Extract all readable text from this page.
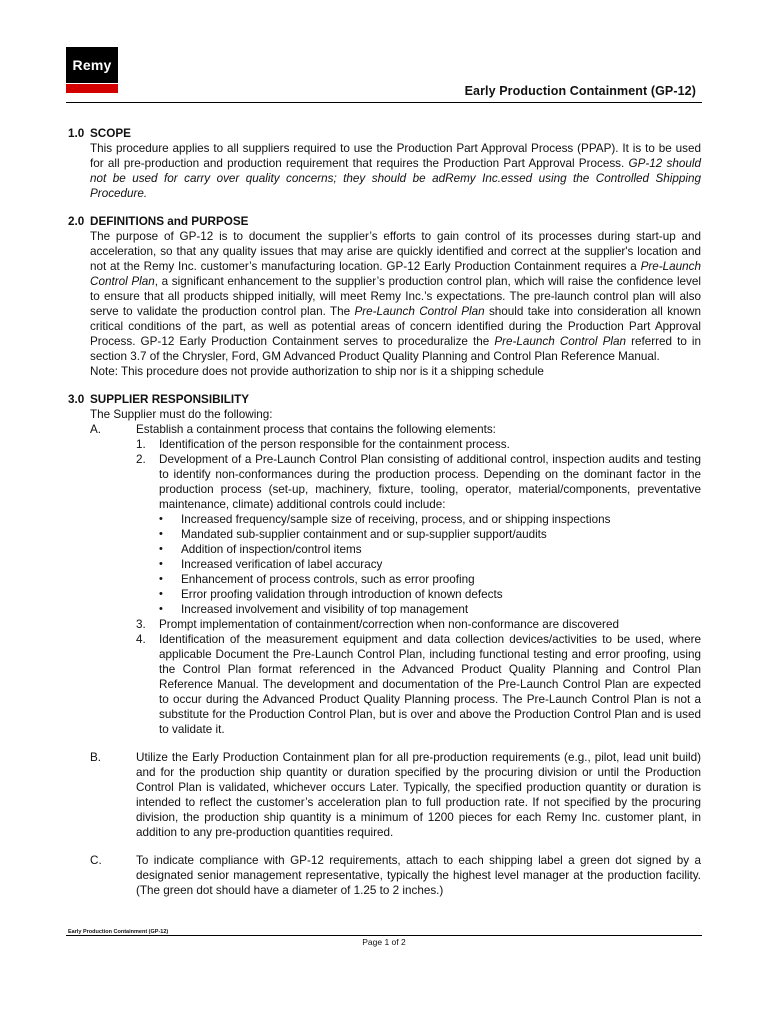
Remy
Early Production Containment (GP-12)
1.0 SCOPE
This procedure applies to all suppliers required to use the Production Part Approval Process (PPAP). It is to be used for all pre-production and production requirement that requires the Production Part Approval Process. GP-12 should not be used for carry over quality concerns; they should be adRemy Inc.essed using the Controlled Shipping Procedure.
2.0 DEFINITIONS and PURPOSE

The purpose of GP-12 is to document the supplier’s efforts to gain control of its processes during start-up and acceleration, so that any quality issues that may arise are quickly identified and correct at the supplier's location and not at the Remy Inc. customer’s manufacturing location. GP-12 Early Production Containment requires a Pre-Launch Control Plan, a significant enhancement to the supplier’s production control plan, which will raise the confidence level to ensure that all products shipped initially, will meet Remy Inc.’s expectations. The pre-launch control plan will also serve to validate the production control plan. The Pre-Launch Control Plan should take into consideration all known critical conditions of the part, as well as potential areas of concern identified during the Production Part Approval Process. GP-12 Early Production Containment serves to proceduralize the Pre-Launch Control Plan referred to in section 3.7 of the Chrysler, Ford, GM Advanced Product Quality Planning and Control Plan Reference Manual.

Note: This procedure does not provide authorization to ship nor is it a shipping schedule

3.0 SUPPLIER RESPONSIBILITY
The Supplier must do the following:
A.	Establish a containment process that contains the following elements:
1.	Identification of the person responsible for the containment process.
2.	Development of a Pre-Launch Control Plan consisting of additional control, inspection audits and testing to identify non-conformances during the production process. Depending on the dominant factor in the production process (set-up, machinery, fixture, tooling, operator, material/components, preventative maintenance, climate) additional controls could include:
•	Increased frequency/sample size of receiving, process, and or shipping inspections
•	Mandated sub-supplier containment and or sup-supplier support/audits
•	Addition of inspection/control items
•	Increased verification of label accuracy
•	Enhancement of process controls, such as error proofing
•	Error proofing validation through introduction of known defects
•	Increased involvement and visibility of top management
3.	Prompt implementation of containment/correction when non-conformance are discovered
4.	Identification of the measurement equipment and data collection devices/activities to be used, where applicable Document the Pre-Launch Control Plan, including functional testing and error proofing, using the Control Plan format referenced in the Advanced Product Quality Planning and Control Plan Reference Manual. The development and documentation of the Pre-Launch Control Plan are expected to occur during the Advanced Product Quality Planning process. The Pre-Launch Control Plan is not a substitute for the Production Control Plan, but is over and above the Production Control Plan and is used to validate it.
B.	Utilize the Early Production Containment plan for all pre-production requirements (e.g., pilot, lead unit build) and for the production ship quantity or duration specified by the procuring division or until the Production Control Plan is validated, whichever occurs Later. Typically, the specified production quantity or duration is intended to reflect the customer’s acceleration plan to full production rate. If not specified by the procuring division, the production ship quantity is a minimum of 1200 pieces for each Remy Inc. customer plant, in addition to any pre-production quantities required.
C.	To indicate compliance with GP-12 requirements, attach to each shipping label a green dot signed by a designated senior management representative, typically the highest level manager at the production facility. (The green dot should have a diameter of 1.25 to 2 inches.)
Early Production Containment (GP-12)
Page 1 of 2
